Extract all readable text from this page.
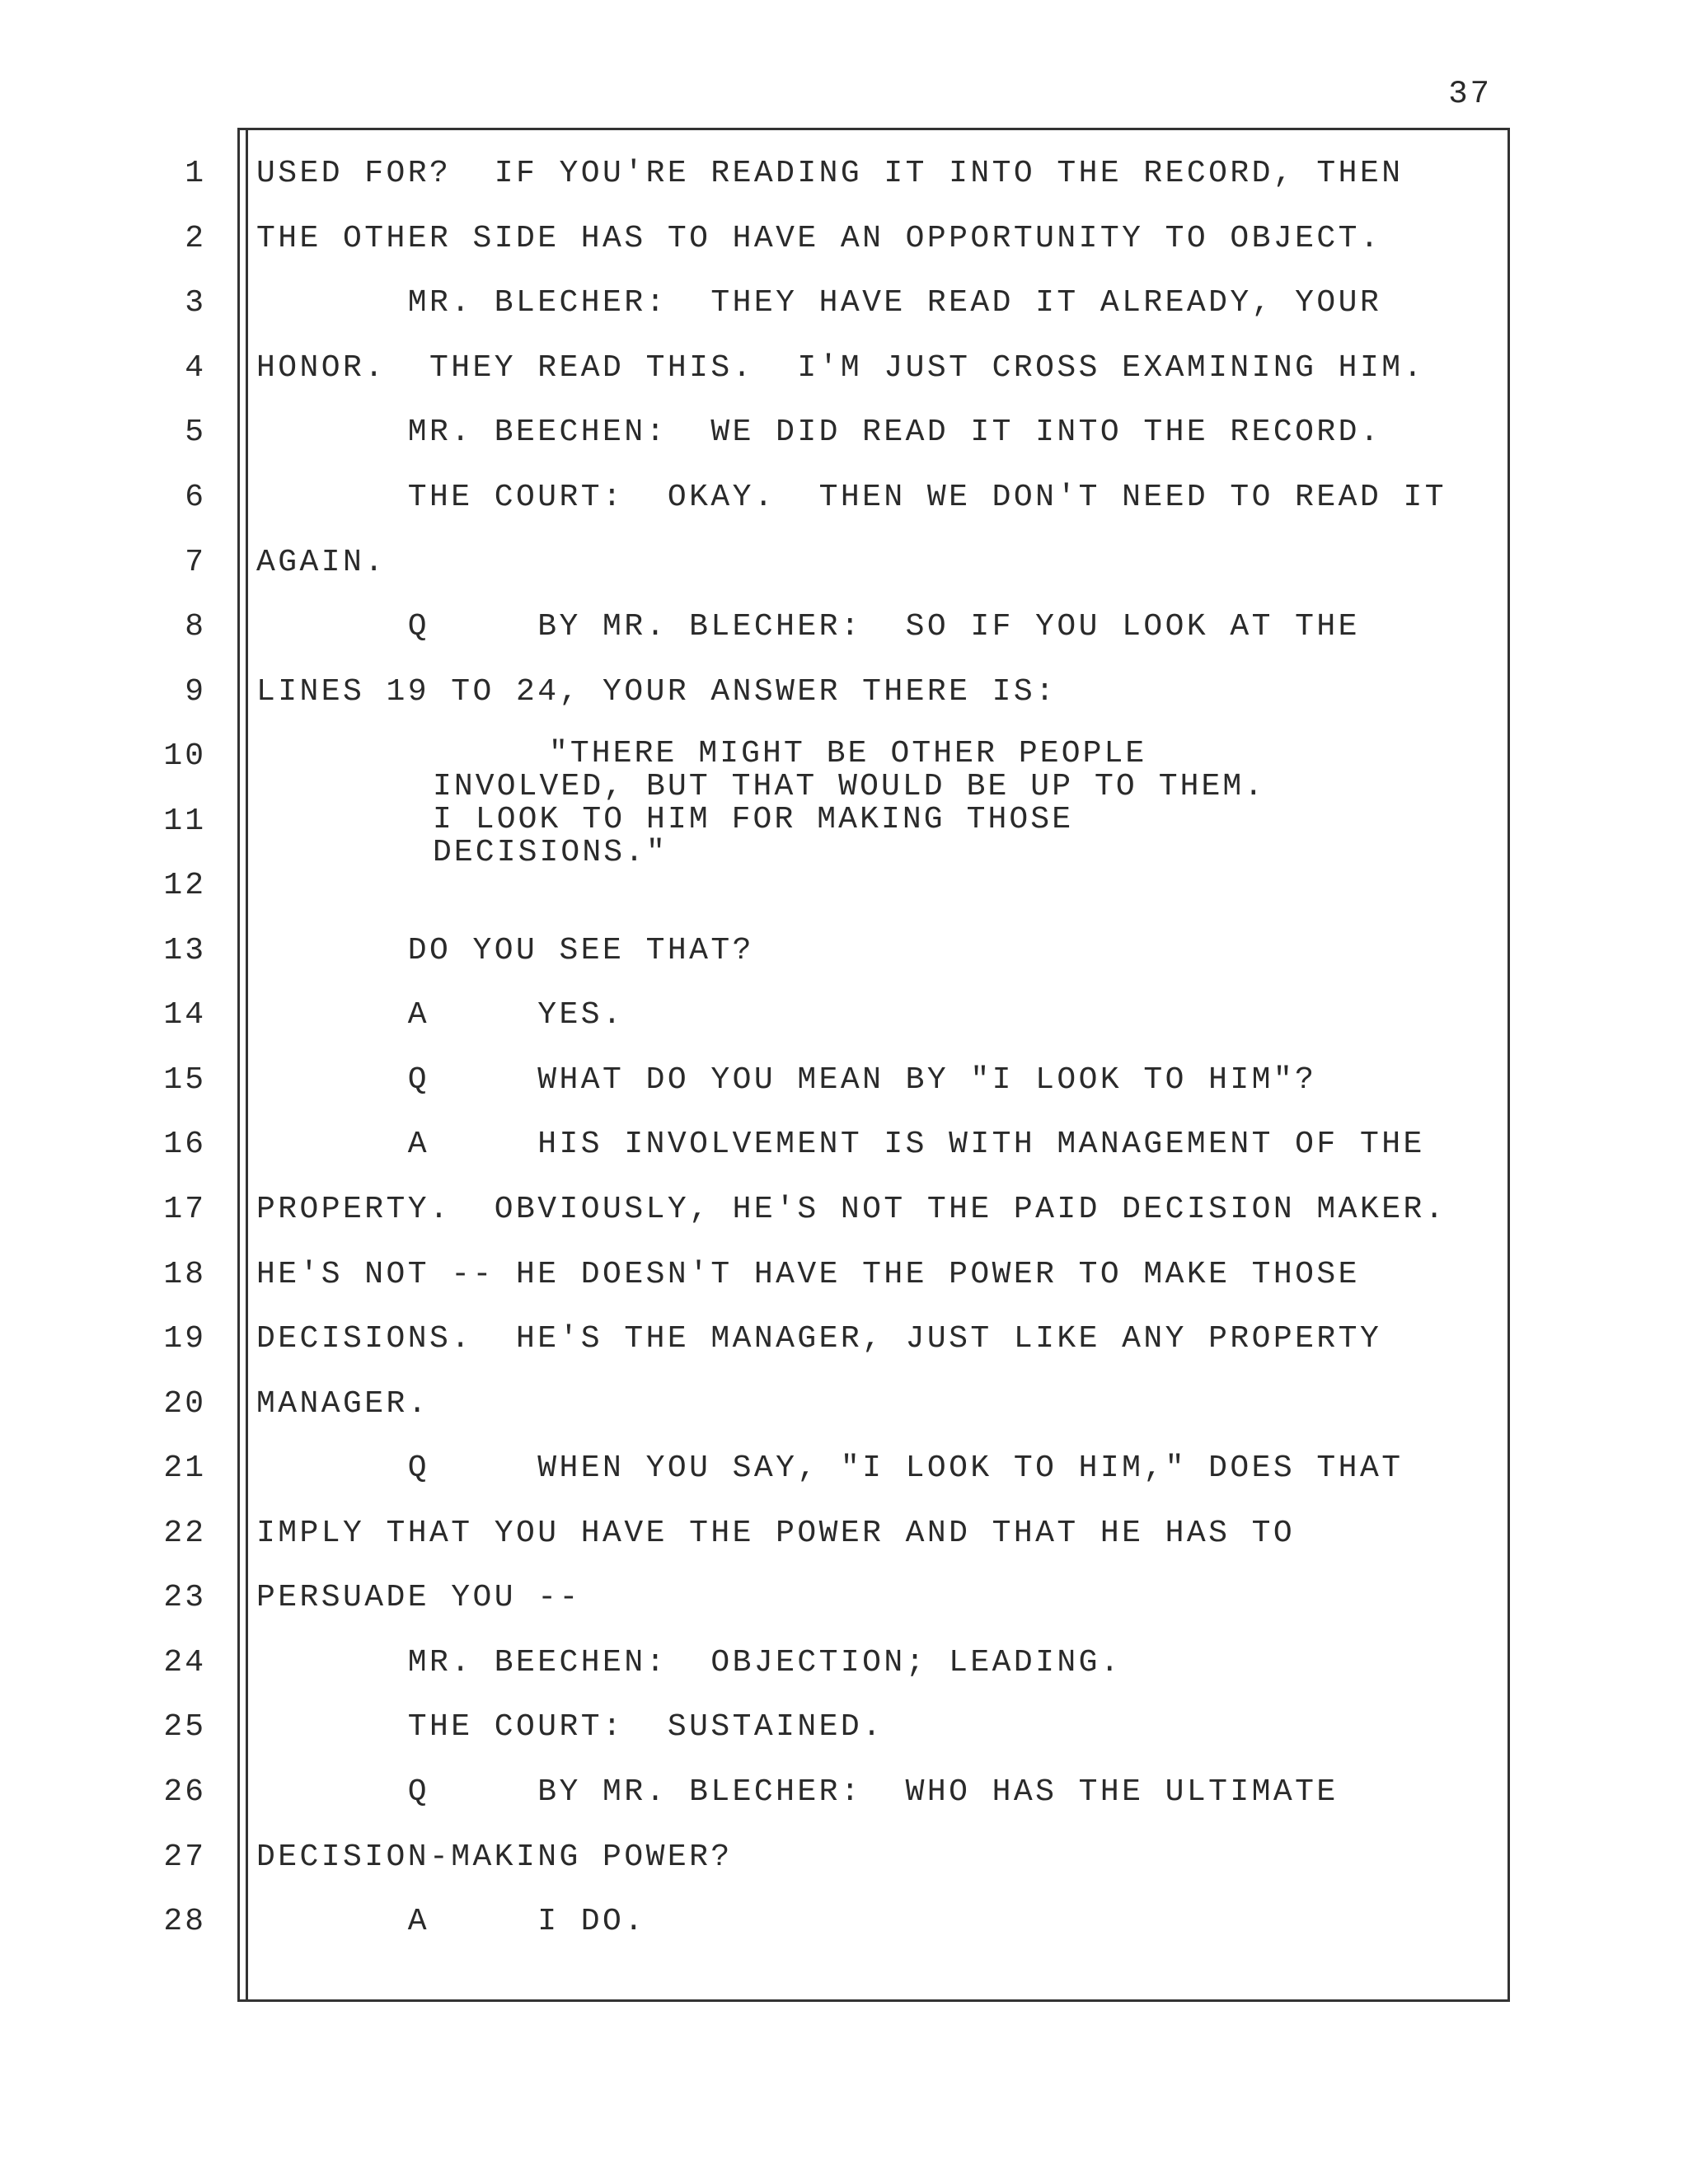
37
1
2
3
4
5
6
7
8
9
10
11
12
13
14
15
16
17
18
19
20
21
22
23
24
25
26
27
28
USED FOR?  IF YOU'RE READING IT INTO THE RECORD, THEN
THE OTHER SIDE HAS TO HAVE AN OPPORTUNITY TO OBJECT.
MR. BLECHER:  THEY HAVE READ IT ALREADY, YOUR
HONOR.  THEY READ THIS.  I'M JUST CROSS EXAMINING HIM.
MR. BEECHEN:  WE DID READ IT INTO THE RECORD.
THE COURT:  OKAY.  THEN WE DON'T NEED TO READ IT
AGAIN.
Q     BY MR. BLECHER:  SO IF YOU LOOK AT THE
LINES 19 TO 24, YOUR ANSWER THERE IS:
DO YOU SEE THAT?
A     YES.
Q     WHAT DO YOU MEAN BY "I LOOK TO HIM"?
A     HIS INVOLVEMENT IS WITH MANAGEMENT OF THE
PROPERTY.  OBVIOUSLY, HE'S NOT THE PAID DECISION MAKER.
HE'S NOT -- HE DOESN'T HAVE THE POWER TO MAKE THOSE
DECISIONS.  HE'S THE MANAGER, JUST LIKE ANY PROPERTY
MANAGER.
Q     WHEN YOU SAY, "I LOOK TO HIM," DOES THAT
IMPLY THAT YOU HAVE THE POWER AND THAT HE HAS TO
PERSUADE YOU --
MR. BEECHEN:  OBJECTION; LEADING.
THE COURT:  SUSTAINED.
Q     BY MR. BLECHER:  WHO HAS THE ULTIMATE
DECISION-MAKING POWER?
A     I DO.
"THERE MIGHT BE OTHER PEOPLE
INVOLVED, BUT THAT WOULD BE UP TO THEM.
I LOOK TO HIM FOR MAKING THOSE
DECISIONS."
